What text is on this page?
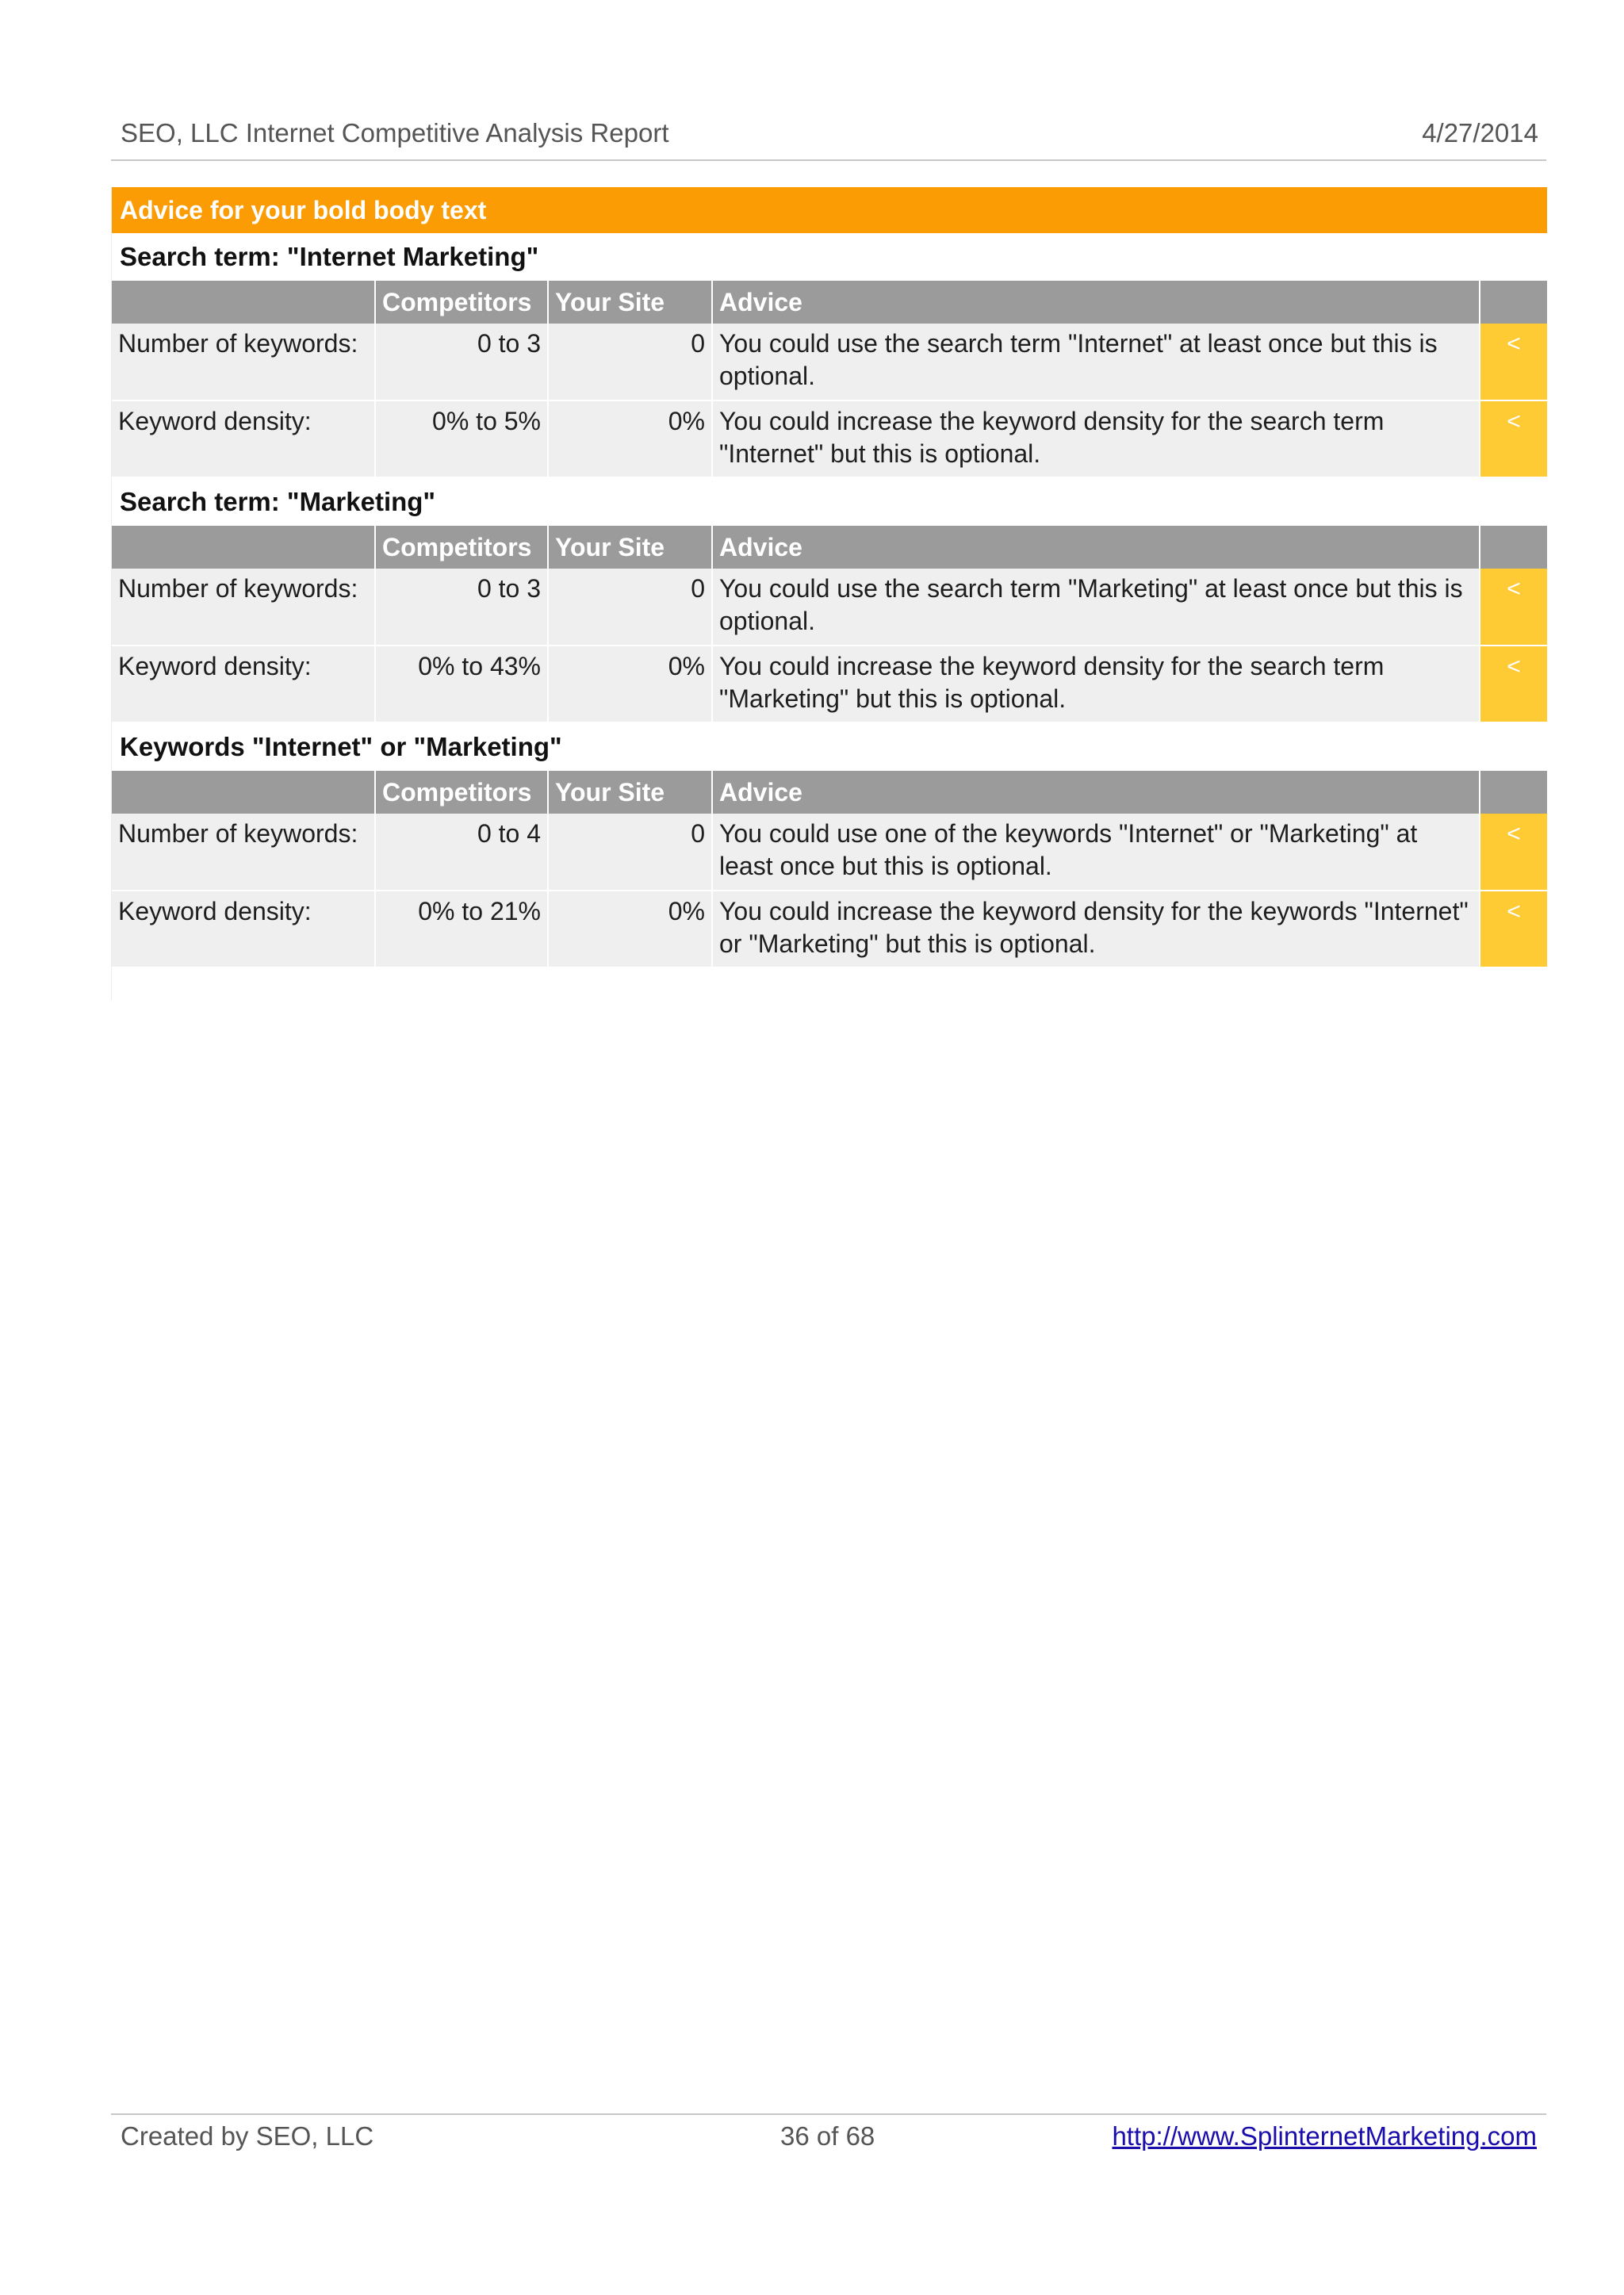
SEO, LLC Internet Competitive Analysis Report	4/27/2014
Advice for your bold body text
Search term: "Internet Marketing"
	Competitors	Your Site	Advice	
Number of keywords:	0 to 3	0	You could use the search term "Internet" at least once but this is optional.	<
Keyword density:	0% to 5%	0%	You could increase the keyword density for the search term "Internet" but this is optional.	<
Search term: "Marketing"
	Competitors	Your Site	Advice	
Number of keywords:	0 to 3	0	You could use the search term "Marketing" at least once but this is optional.	<
Keyword density:	0% to 43%	0%	You could increase the keyword density for the search term "Marketing" but this is optional.	<
Keywords "Internet" or "Marketing"
	Competitors	Your Site	Advice	
Number of keywords:	0 to 4	0	You could use one of the keywords "Internet" or "Marketing" at least once but this is optional.	<
Keyword density:	0% to 21%	0%	You could increase the keyword density for the keywords "Internet" or "Marketing" but this is optional.	<
Created by SEO, LLC	36 of 68	http://www.SplinternetMarketing.com
